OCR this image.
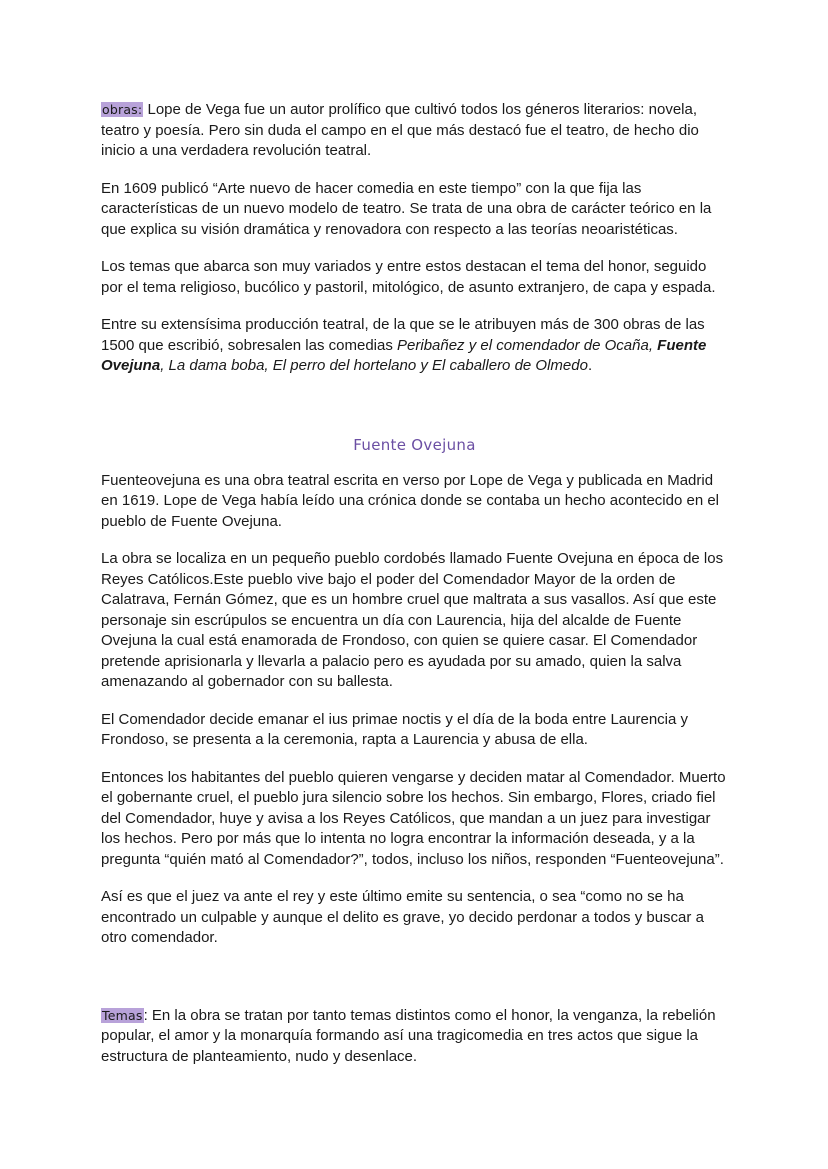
obras: Lope de Vega fue un autor prolífico que cultivó todos los géneros literarios: novela, teatro y poesía. Pero sin duda el campo en el que más destacó fue el teatro, de hecho dio inicio a una verdadera revolución teatral.

En 1609 publicó “Arte nuevo de hacer comedia en este tiempo” con la que fija las características de un nuevo modelo de teatro. Se trata de una obra de carácter teórico en la que explica su visión dramática y renovadora con respecto a las teorías neoaristéticas.

Los temas que abarca son muy variados y entre estos destacan el tema del honor, seguido por el tema religioso, bucólico y pastoril, mitológico, de asunto extranjero, de capa y espada.

Entre su extensísima producción teatral, de la que se le atribuyen más de 300 obras de las 1500 que escribió, sobresalen las comedias Peribañez y el comendador de Ocaña, Fuente Ovejuna, La dama boba, El perro del hortelano y El caballero de Olmedo.

Fuente Ovejuna

Fuenteovejuna es una obra teatral escrita en verso por Lope de Vega y publicada en Madrid en 1619. Lope de Vega había leído una crónica donde se contaba un hecho acontecido en el pueblo de Fuente Ovejuna.

La obra se localiza en un pequeño pueblo cordobés llamado Fuente Ovejuna en época de los Reyes Católicos.Este pueblo vive bajo el poder del Comendador Mayor de la orden de Calatrava, Fernán Gómez, que es un hombre cruel que maltrata a sus vasallos. Así que este personaje sin escrúpulos se encuentra un día con Laurencia, hija del alcalde de Fuente Ovejuna la cual está enamorada de Frondoso, con quien se quiere casar. El Comendador pretende aprisionarla y llevarla a palacio pero es ayudada por su amado, quien la salva amenazando al gobernador con su ballesta.

El Comendador decide emanar el ius primae noctis y el día de la boda entre Laurencia y Frondoso, se presenta a la ceremonia, rapta a Laurencia y abusa de ella.

Entonces los habitantes del pueblo quieren vengarse y deciden matar al Comendador. Muerto el gobernante cruel, el pueblo jura silencio sobre los hechos. Sin embargo, Flores, criado fiel del Comendador, huye y avisa a los Reyes Católicos, que mandan a un juez para investigar los hechos. Pero por más que lo intenta no logra encontrar la información deseada, y a la pregunta “quién mató al Comendador?”, todos, incluso los niños, responden “Fuenteovejuna”.

Así es que el juez va ante el rey y este último emite su sentencia, o sea “como no se ha encontrado un culpable y aunque el delito es grave, yo decido perdonar a todos y buscar a otro comendador.

Temas: En la obra se tratan por tanto temas distintos como el honor, la venganza, la rebelión popular, el amor y la monarquía formando así una tragicomedia en tres actos que sigue la estructura de planteamiento, nudo y desenlace.
